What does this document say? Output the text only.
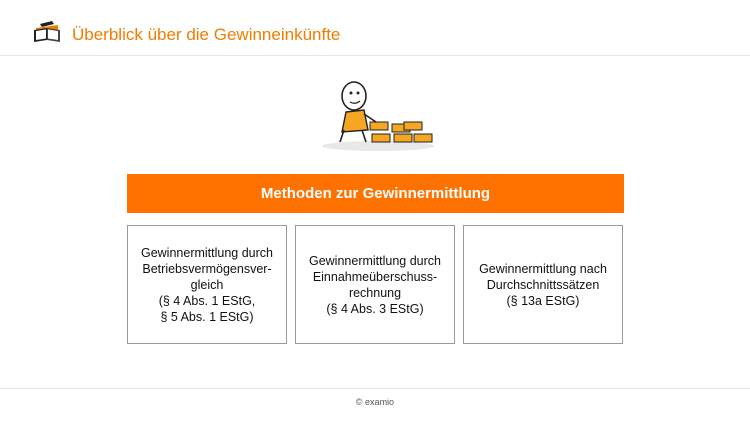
Überblick über die Gewinneinkünfte
Methoden zur Gewinnermittlung
Gewinnermittlung durch
Betriebsvermögensver-
gleich
(§ 4 Abs. 1 EStG,
§ 5 Abs. 1 EStG)
Gewinnermittlung durch
Einnahmeüberschuss-
rechnung
(§ 4 Abs. 3 EStG)
Gewinnermittlung nach
Durchschnittssätzen
(§ 13a EStG)
© examio
